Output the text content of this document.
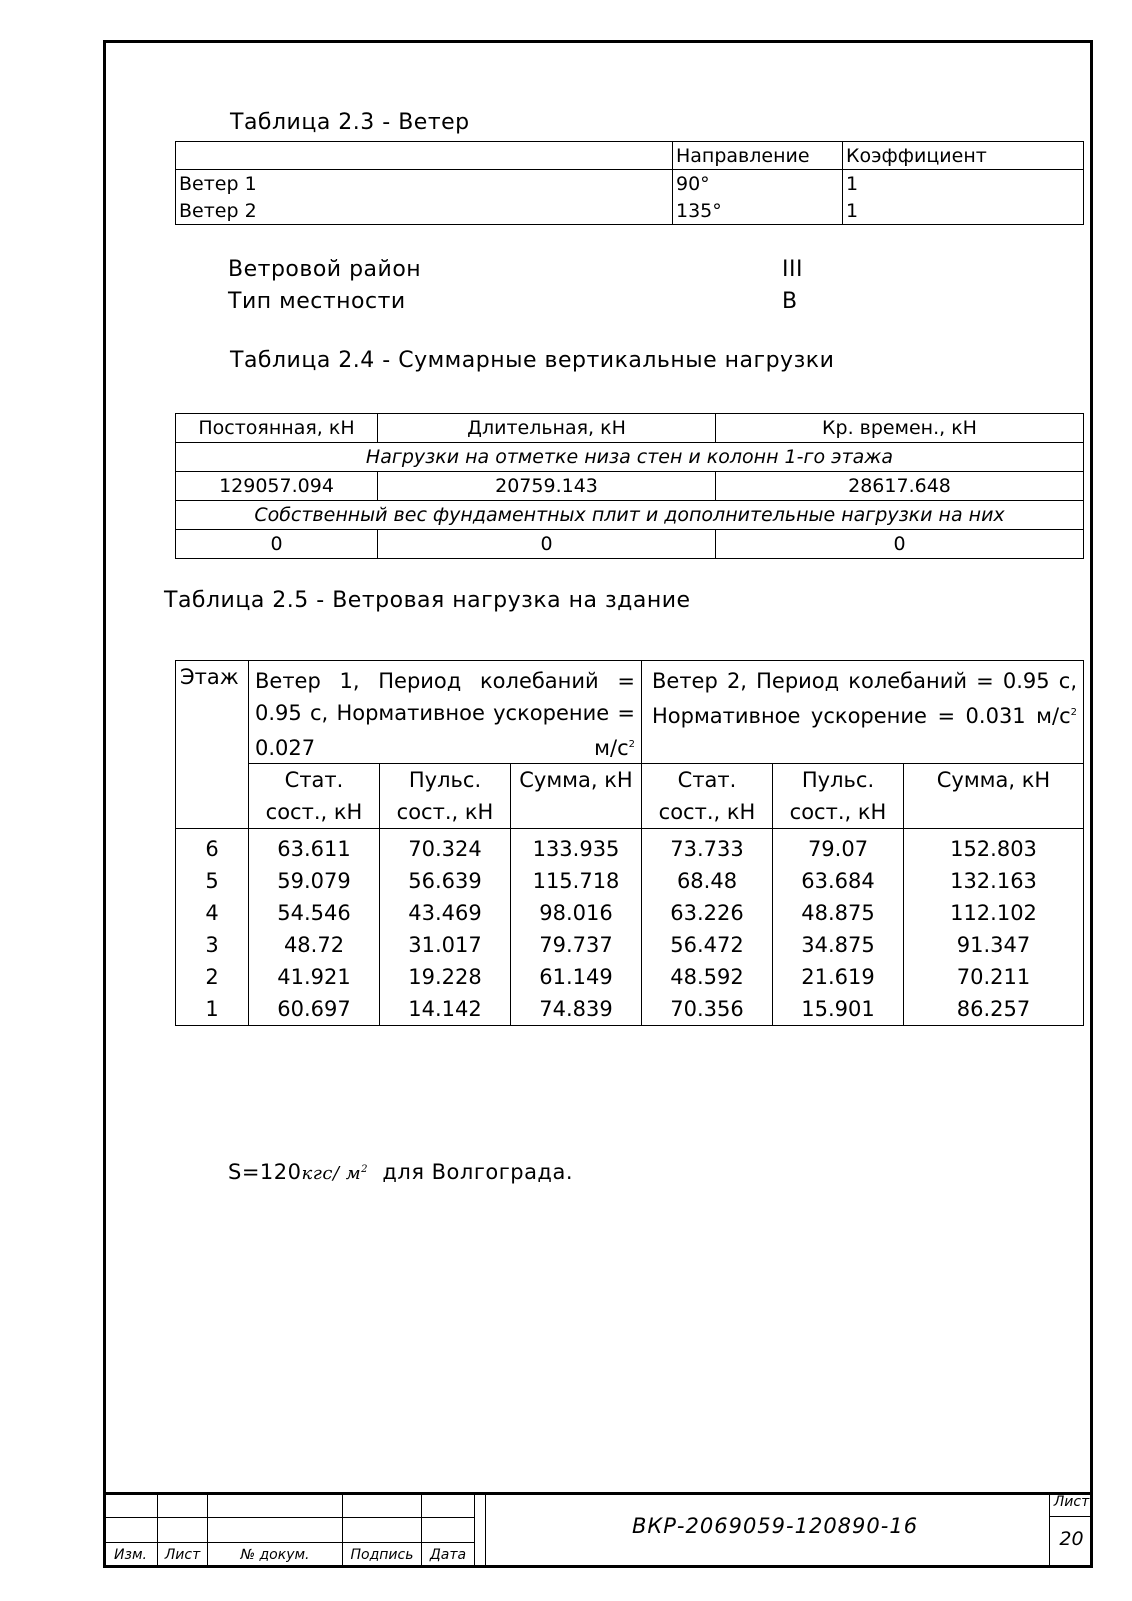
Таблица 2.3 - Ветер
	Направление	Коэффициент
Ветер 1	90°	1
Ветер 2	135°	1
Ветровой район	III
Тип местности	В
Таблица 2.4 - Суммарные вертикальные нагрузки
Постоянная, кН	Длительная, кН	Кр. времен., кН
Нагрузки на отметке низа стен и колонн 1-го этажа		
129057.094	20759.143	28617.648
Собственный вес фундаментных плит и дополнительные нагрузки на них		
0	0	0
Таблица 2.5 - Ветровая нагрузка на здание
Этаж	Ветер 1, Период колебаний = 0.95 с, Нормативное ускорение = 0.027 $м/с^2$			Ветер 2, Период колебаний = 0.95 с, Нормативное ускорение = 0.031 $м/с^2$

	Стат. сост., кН	Пульс. сост., кН	Сумма, кН	Стат. сост., кН	Пульс. сост., кН	Сумма, кН
6	63.611	70.324	133.935	73.733	79.07	152.803
5	59.079	56.639	115.718	68.48	63.684	132.163
4	54.546	43.469	98.016	63.226	48.875	112.102
3	48.72	31.017	79.737	56.472	34.875	91.347
2	41.921	19.228	61.149	48.592	21.619	70.211
1	60.697	14.142	74.839	70.356	15.901	86.257
S=120кгс/ $м^2$ для Волгограда.

Изм.	Лист	№ докум.	Подпись	Дата
ВКР-2069059-120890-16
Лист
20
